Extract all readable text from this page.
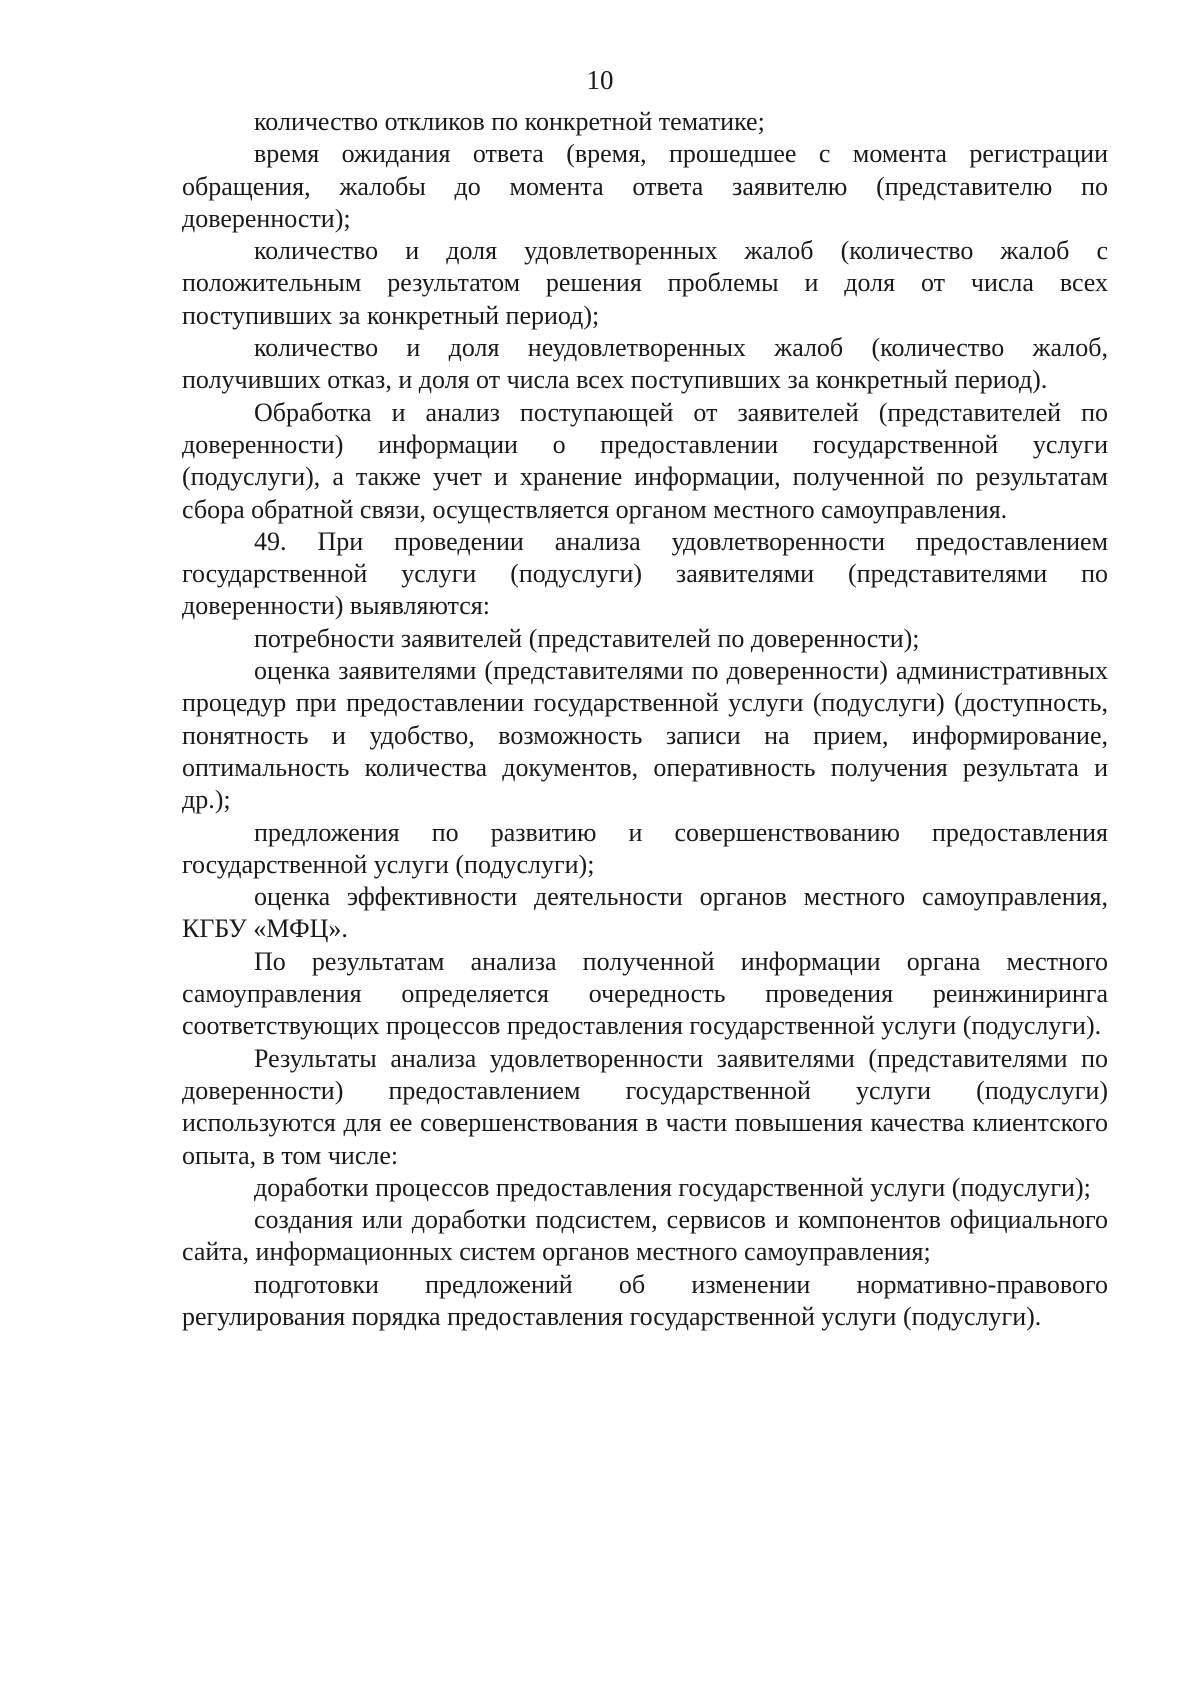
10

количество откликов по конкретной тематике;

время ожидания ответа (время, прошедшее с момента регистрации обращения, жалобы до момента ответа заявителю (представителю по доверенности);

количество и доля удовлетворенных жалоб (количество жалоб с положительным результатом решения проблемы и доля от числа всех поступивших за конкретный период);

количество и доля неудовлетворенных жалоб (количество жалоб, получивших отказ, и доля от числа всех поступивших за конкретный период).

Обработка и анализ поступающей от заявителей (представителей по доверенности) информации о предоставлении государственной услуги (подуслуги), а также учет и хранение информации, полученной по результатам сбора обратной связи, осуществляется органом местного самоуправления.

49. При проведении анализа удовлетворенности предоставлением государственной услуги (подуслуги) заявителями (представителями по доверенности) выявляются:

потребности заявителей (представителей по доверенности);

оценка заявителями (представителями по доверенности) административных процедур при предоставлении государственной услуги (подуслуги) (доступность, понятность и удобство, возможность записи на прием, информирование, оптимальность количества документов, оперативность получения результата и др.);

предложения по развитию и совершенствованию предоставления государственной услуги (подуслуги);

оценка эффективности деятельности органов местного самоуправления, КГБУ «МФЦ».

По результатам анализа полученной информации органа местного самоуправления определяется очередность проведения реинжиниринга соответствующих процессов предоставления государственной услуги (подуслуги).

Результаты анализа удовлетворенности заявителями (представителями по доверенности) предоставлением государственной услуги (подуслуги) используются для ее совершенствования в части повышения качества клиентского опыта, в том числе:

доработки процессов предоставления государственной услуги (подуслуги);

создания или доработки подсистем, сервисов и компонентов официального сайта, информационных систем органов местного самоуправления;

подготовки предложений об изменении нормативно-правового регулирования порядка предоставления государственной услуги (подуслуги).
